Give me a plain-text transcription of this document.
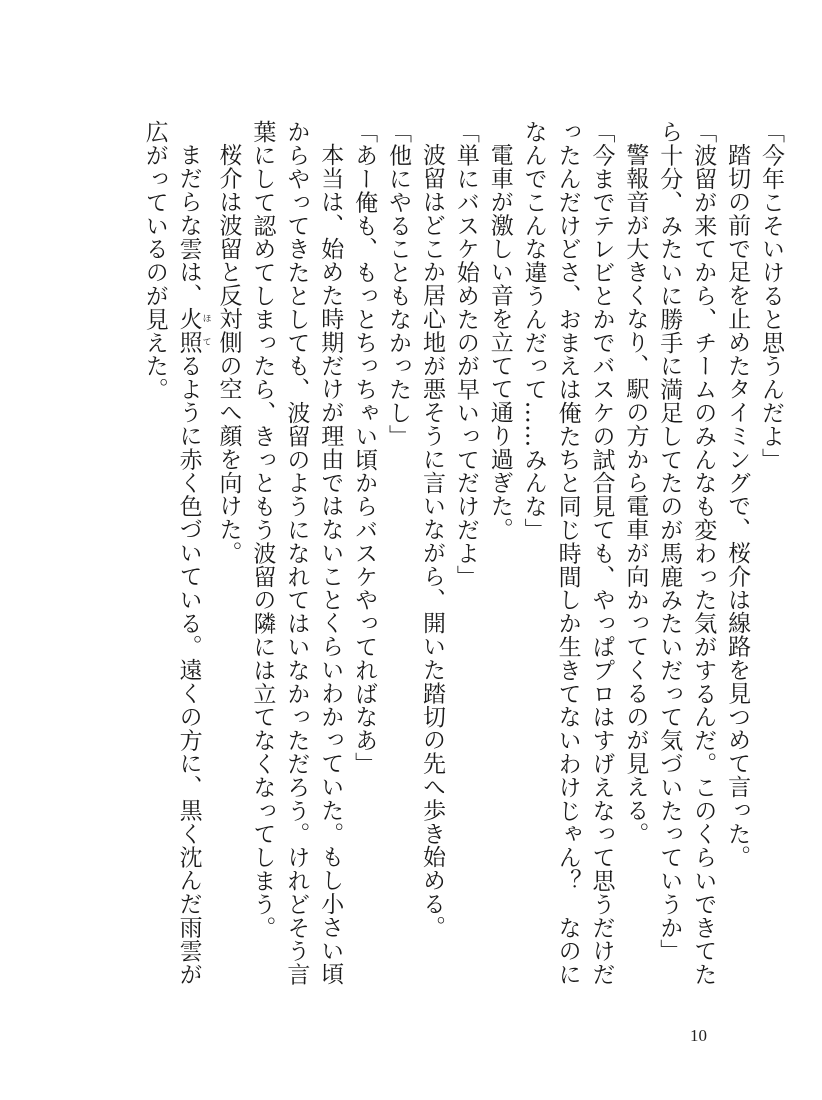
「今年こそいけると思うんだよ」

踏切の前で足を止めたタイミングで、桜介は線路を見つめて言った。

「波留が来てから、チームのみんなも変わった気がするんだ。このくらいできてたら十分、みたいに勝手に満足してたのが馬鹿みたいだって気づいたっていうか」

警報音が大きくなり、駅の方から電車が向かってくるのが見える。

「今までテレビとかでバスケの試合見ても、やっぱプロはすげえなって思うだけだったんだけどさ、おまえは俺たちと同じ時間しか生きてないわけじゃん？　なのになんでこんな違うんだって……みんな」

電車が激しい音を立てて通り過ぎた。

「単にバスケ始めたのが早いってだけだよ」

波留はどこか居心地が悪そうに言いながら、開いた踏切の先へ歩き始める。

「他にやることもなかったし」

「あー俺も、もっとちっちゃい頃からバスケやってればなあ」

本当は、始めた時期だけが理由ではないことくらいわかっていた。もし小さい頃からやってきたとしても、波留のようになれてはいなかっただろう。けれどそう言葉にして認めてしまったら、きっともう波留の隣には立てなくなってしまう。

桜介は波留と反対側の空へ顔を向けた。

まだらな雲は、火照 ほてるように赤く色づいている。遠くの方に、黒く沈んだ雨雲が広がっているのが見えた。

10
